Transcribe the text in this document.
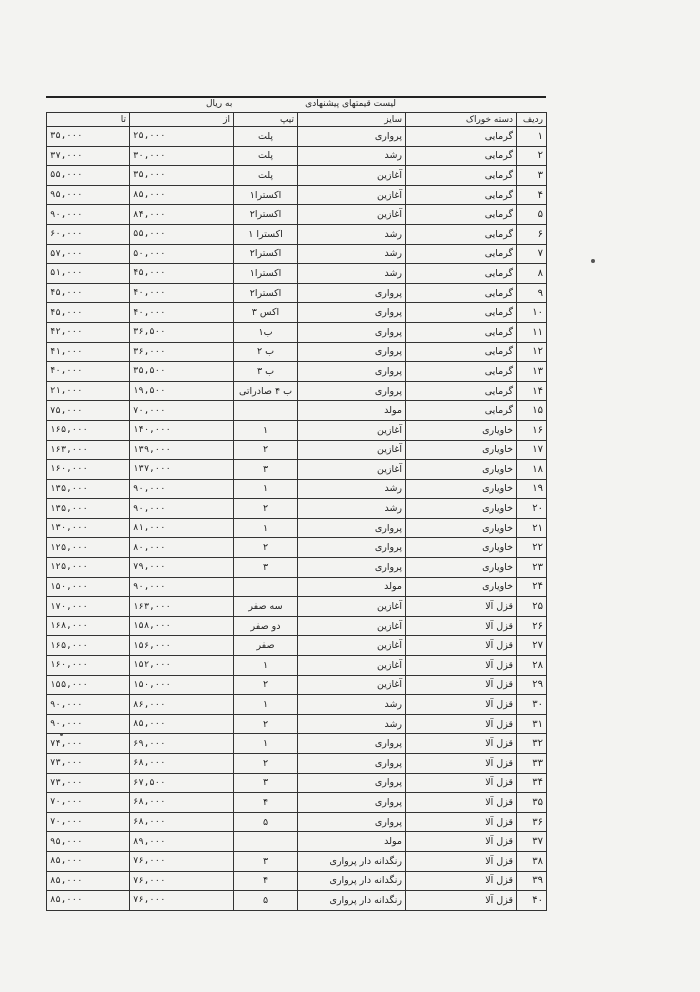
لیست قیمتهای پیشنهادی
به ریال
ردیف	دسته خوراک	سایز	تیپ	از	تا
۱	گرمایی	پرواری	پلت	۲۵,۰۰۰	۳۵,۰۰۰
۲	گرمایی	رشد	پلت	۳۰,۰۰۰	۳۷,۰۰۰
۳	گرمایی	آغازین	پلت	۳۵,۰۰۰	۵۵,۰۰۰
۴	گرمایی	آغازین	اکسترا۱	۸۵,۰۰۰	۹۵,۰۰۰
۵	گرمایی	آغازین	اکسترا۲	۸۴,۰۰۰	۹۰,۰۰۰
۶	گرمایی	رشد	اکسترا ۱	۵۵,۰۰۰	۶۰,۰۰۰
۷	گرمایی	رشد	اکسترا۲	۵۰,۰۰۰	۵۷,۰۰۰
۸	گرمایی	رشد	اکسترا۱	۴۵,۰۰۰	۵۱,۰۰۰
۹	گرمایی	پرواری	اکسترا۲	۴۰,۰۰۰	۴۵,۰۰۰
۱۰	گرمایی	پرواری	اکس ۳	۴۰,۰۰۰	۴۵,۰۰۰
۱۱	گرمایی	پرواری	ب۱	۳۶,۵۰۰	۴۲,۰۰۰
۱۲	گرمایی	پرواری	ب ۲	۳۶,۰۰۰	۴۱,۰۰۰
۱۳	گرمایی	پرواری	ب ۳	۳۵,۵۰۰	۴۰,۰۰۰
۱۴	گرمایی	پرواری	ب ۴ صادراتی	۱۹,۵۰۰	۲۱,۰۰۰
۱۵	گرمایی	مولد		۷۰,۰۰۰	۷۵,۰۰۰
۱۶	خاویاری	آغازین	۱	۱۴۰,۰۰۰	۱۶۵,۰۰۰
۱۷	خاویاری	آغازین	۲	۱۳۹,۰۰۰	۱۶۳,۰۰۰
۱۸	خاویاری	آغازین	۳	۱۳۷,۰۰۰	۱۶۰,۰۰۰
۱۹	خاویاری	رشد	۱	۹۰,۰۰۰	۱۳۵,۰۰۰
۲۰	خاویاری	رشد	۲	۹۰,۰۰۰	۱۳۵,۰۰۰
۲۱	خاویاری	پرواری	۱	۸۱,۰۰۰	۱۳۰,۰۰۰
۲۲	خاویاری	پرواری	۲	۸۰,۰۰۰	۱۲۵,۰۰۰
۲۳	خاویاری	پرواری	۳	۷۹,۰۰۰	۱۲۵,۰۰۰
۲۴	خاویاری	مولد		۹۰,۰۰۰	۱۵۰,۰۰۰
۲۵	قزل آلا	آغازین	سه صفر	۱۶۳,۰۰۰	۱۷۰,۰۰۰
۲۶	قزل آلا	آغازین	دو صفر	۱۵۸,۰۰۰	۱۶۸,۰۰۰
۲۷	قزل آلا	آغازین	صفر	۱۵۶,۰۰۰	۱۶۵,۰۰۰
۲۸	قزل آلا	آغازین	۱	۱۵۲,۰۰۰	۱۶۰,۰۰۰
۲۹	قزل آلا	آغازین	۲	۱۵۰,۰۰۰	۱۵۵,۰۰۰
۳۰	قزل آلا	رشد	۱	۸۶,۰۰۰	۹۰,۰۰۰
۳۱	قزل آلا	رشد	۲	۸۵,۰۰۰	۹۰,۰۰۰
۳۲	قزل آلا	پرواری	۱	۶۹,۰۰۰	۷۴,۰۰۰
۳۳	قزل آلا	پرواری	۲	۶۸,۰۰۰	۷۳,۰۰۰
۳۴	قزل آلا	پرواری	۳	۶۷,۵۰۰	۷۳,۰۰۰
۳۵	قزل آلا	پرواری	۴	۶۸,۰۰۰	۷۰,۰۰۰
۳۶	قزل آلا	پرواری	۵	۶۸,۰۰۰	۷۰,۰۰۰
۳۷	قزل آلا	مولد		۸۹,۰۰۰	۹۵,۰۰۰
۳۸	قزل آلا	رنگدانه دار پرواری	۳	۷۶,۰۰۰	۸۵,۰۰۰
۳۹	قزل آلا	رنگدانه دار پرواری	۴	۷۶,۰۰۰	۸۵,۰۰۰
۴۰	قزل آلا	رنگدانه دار پرواری	۵	۷۶,۰۰۰	۸۵,۰۰۰
